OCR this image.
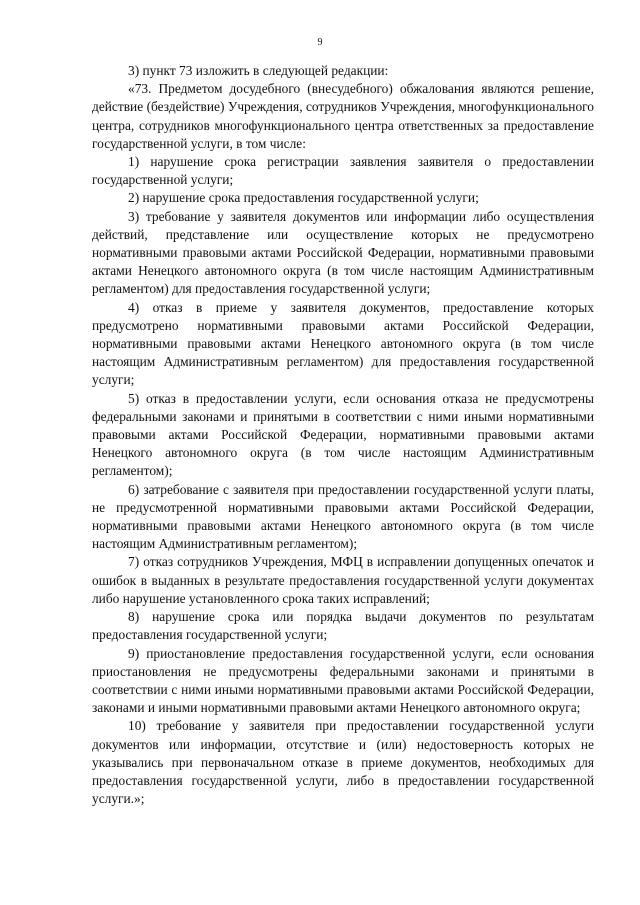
9

3) пункт 73 изложить в следующей редакции:

«73. Предметом досудебного (внесудебного) обжалования являются решение, действие (бездействие) Учреждения, сотрудников Учреждения, многофункционального центра, сотрудников многофункционального центра ответственных за предоставление государственной услуги, в том числе:

1) нарушение срока регистрации заявления заявителя о предоставлении государственной услуги;

2) нарушение срока предоставления государственной услуги;

3) требование у заявителя документов или информации либо осуществления действий, представление или осуществление которых не предусмотрено нормативными правовыми актами Российской Федерации, нормативными правовыми актами Ненецкого автономного округа (в том числе настоящим Административным регламентом) для предоставления государственной услуги;

4) отказ в приеме у заявителя документов, предоставление которых предусмотрено нормативными правовыми актами Российской Федерации, нормативными правовыми актами Ненецкого автономного округа (в том числе настоящим Административным регламентом) для предоставления государственной услуги;

5) отказ в предоставлении услуги, если основания отказа не предусмотрены федеральными законами и принятыми в соответствии с ними иными нормативными правовыми актами Российской Федерации, нормативными правовыми актами Ненецкого автономного округа (в том числе настоящим Административным регламентом);

6) затребование с заявителя при предоставлении государственной услуги платы, не предусмотренной нормативными правовыми актами Российской Федерации, нормативными правовыми актами Ненецкого автономного округа (в том числе настоящим Административным регламентом);

7) отказ сотрудников Учреждения, МФЦ в исправлении допущенных опечаток и ошибок в выданных в результате предоставления государственной услуги документах либо нарушение установленного срока таких исправлений;

8) нарушение срока или порядка выдачи документов по результатам предоставления государственной услуги;

9) приостановление предоставления государственной услуги, если основания приостановления не предусмотрены федеральными законами и принятыми в соответствии с ними иными нормативными правовыми актами Российской Федерации, законами и иными нормативными правовыми актами Ненецкого автономного округа;

10) требование у заявителя при предоставлении государственной услуги документов или информации, отсутствие и (или) недостоверность которых не указывались при первоначальном отказе в приеме документов, необходимых для предоставления государственной услуги, либо в предоставлении государственной услуги.»;
